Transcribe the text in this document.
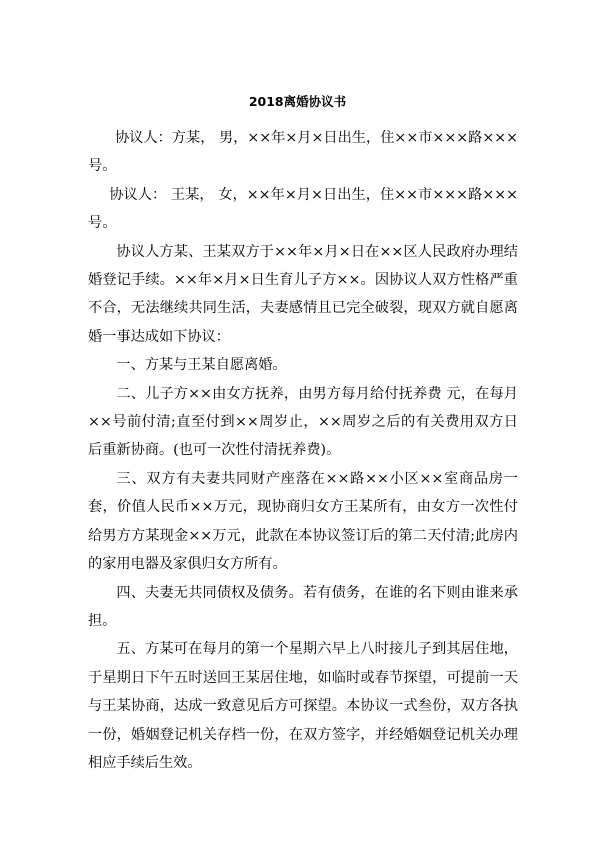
2018离婚协议书

协议人：方某， 男，××年×月×日出生，住××市×××路×××号。

协议人： 王某， 女，××年×月×日出生，住××市×××路×××号。

协议人方某、王某双方于××年×月×日在××区人民政府办理结婚登记手续。××年×月×日生育儿子方××。因协议人双方性格严重不合，无法继续共同生活，夫妻感情且已完全破裂，现双方就自愿离婚一事达成如下协议：

一、方某与王某自愿离婚。

二、儿子方××由女方抚养，由男方每月给付抚养费 元，在每月××号前付清;直至付到××周岁止，××周岁之后的有关费用双方日后重新协商。(也可一次性付清抚养费)。

三、双方有夫妻共同财产座落在××路××小区××室商品房一套，价值人民币××万元，现协商归女方王某所有，由女方一次性付给男方方某现金××万元，此款在本协议签订后的第二天付清;此房内的家用电器及家俱归女方所有。

四、夫妻无共同债权及债务。若有债务，在谁的名下则由谁来承担。

五、方某可在每月的第一个星期六早上八时接儿子到其居住地，于星期日下午五时送回王某居住地，如临时或春节探望，可提前一天与王某协商，达成一致意见后方可探望。本协议一式叁份，双方各执一份，婚姻登记机关存档一份，在双方签字，并经婚姻登记机关办理相应手续后生效。
